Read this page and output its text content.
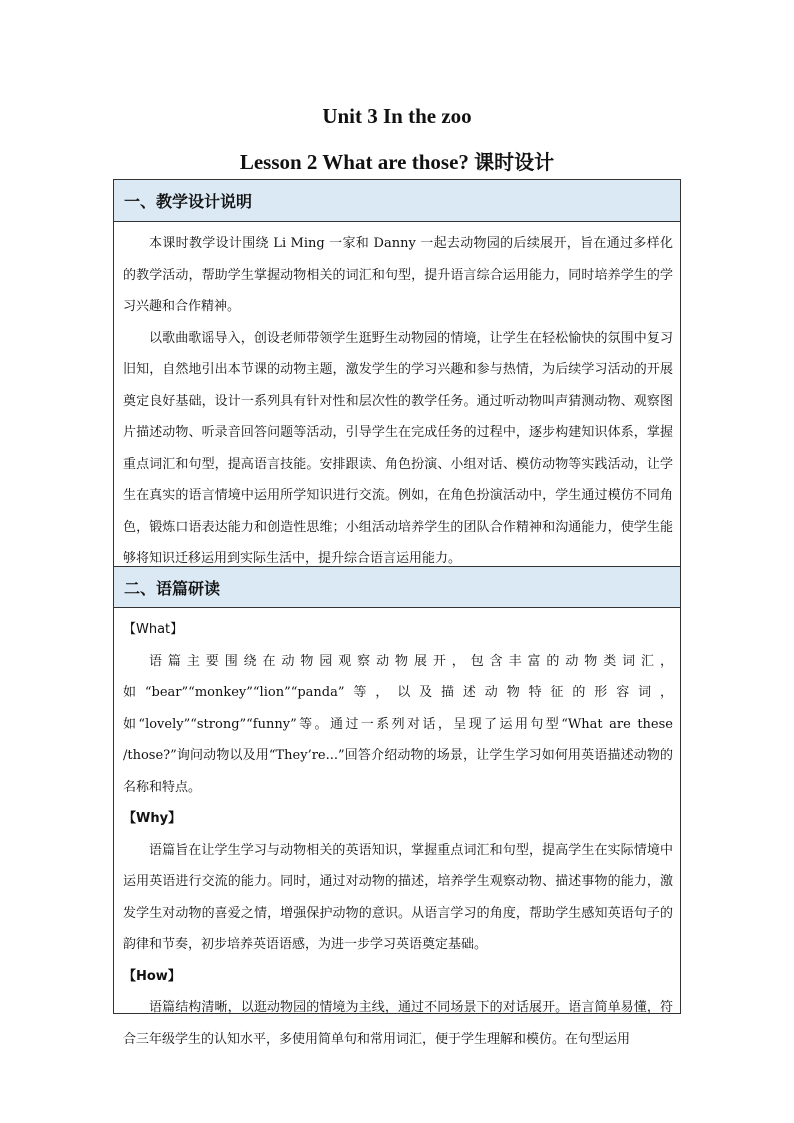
Unit 3 In the zoo
Lesson 2 What are those? 课时设计
一、教学设计说明

本课时教学设计围绕 Li Ming 一家和 Danny 一起去动物园的后续展开，旨在通过多样化的教学活动，帮助学生掌握动物相关的词汇和句型，提升语言综合运用能力，同时培养学生的学习兴趣和合作精神。

以歌曲歌谣导入，创设老师带领学生逛野生动物园的情境，让学生在轻松愉快的氛围中复习旧知，自然地引出本节课的动物主题，激发学生的学习兴趣和参与热情，为后续学习活动的开展奠定良好基础，设计一系列具有针对性和层次性的教学任务。通过听动物叫声猜测动物、观察图片描述动物、听录音回答问题等活动，引导学生在完成任务的过程中，逐步构建知识体系，掌握重点词汇和句型，提高语言技能。安排跟读、角色扮演、小组对话、模仿动物等实践活动，让学生在真实的语言情境中运用所学知识进行交流。例如，在角色扮演活动中，学生通过模仿不同角色，锻炼口语表达能力和创造性思维；小组活动培养学生的团队合作精神和沟通能力，使学生能够将知识迁移运用到实际生活中，提升综合语言运用能力。

二、语篇研读

【What】

语篇主要围绕在动物园观察动物展开，包含丰富的动物类词汇，如“bear”“monkey”“lion”“panda”等，以及描述动物特征的形容词，如“lovely”“strong”“funny”等。通过一系列对话，呈现了运用句型“What are these /those?”询问动物以及用“They’re...”回答介绍动物的场景，让学生学习如何用英语描述动物的名称和特点。

【Why】

语篇旨在让学生学习与动物相关的英语知识，掌握重点词汇和句型，提高学生在实际情境中运用英语进行交流的能力。同时，通过对动物的描述，培养学生观察动物、描述事物的能力，激发学生对动物的喜爱之情，增强保护动物的意识。从语言学习的角度，帮助学生感知英语句子的韵律和节奏，初步培养英语语感，为进一步学习英语奠定基础。

【How】

语篇结构清晰，以逛动物园的情境为主线，通过不同场景下的对话展开。语言简单易懂，符合三年级学生的认知水平，多使用简单句和常用词汇，便于学生理解和模仿。在句型运用
